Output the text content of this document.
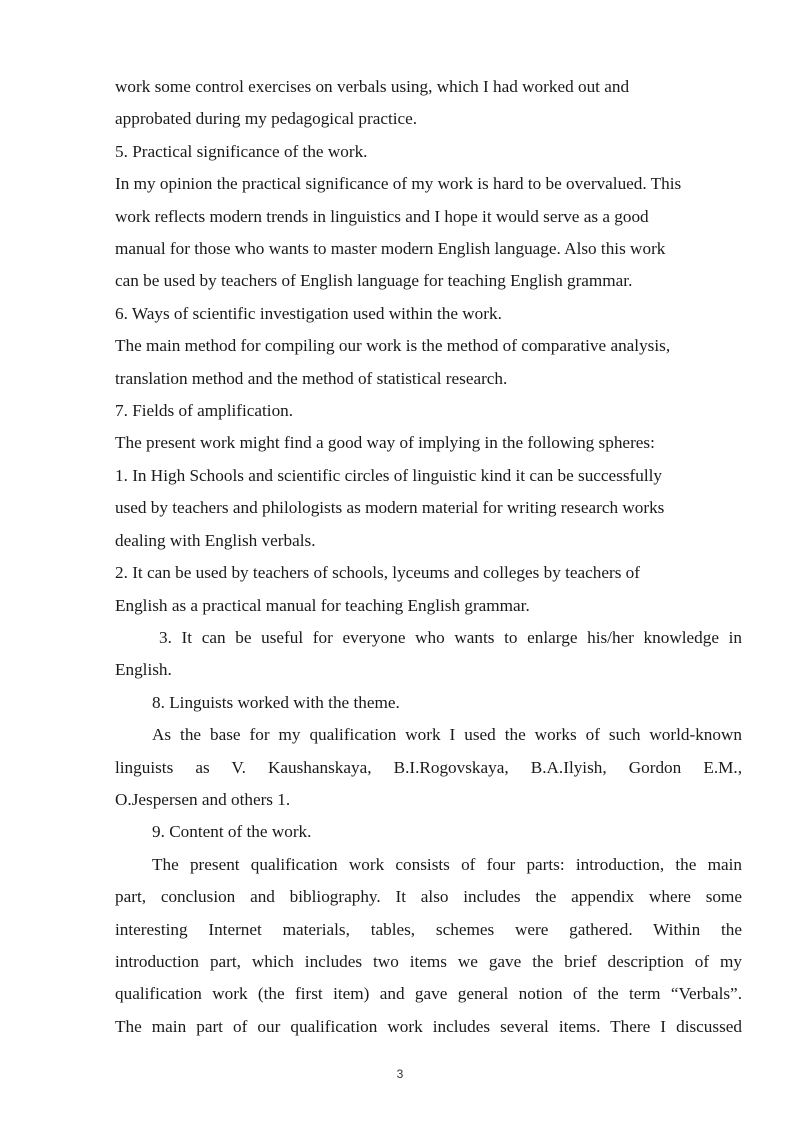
work some control exercises on verbals using, which I had worked out and

approbated during my pedagogical practice.

5. Practical significance of the work.

In my opinion the practical significance of my work is hard to be overvalued. This

work reflects modern trends in linguistics and I hope it would serve as a good

manual for those who wants to master modern English language. Also this work

can be used by teachers of English language for teaching English grammar.

6. Ways of scientific investigation used within the work.

The main method for compiling our work is the method of comparative analysis,

translation method and the method of statistical research.

7. Fields of amplification.

The present work might find a good way of implying in the following spheres:

1. In High Schools and scientific circles of linguistic kind it can be successfully

used by teachers and philologists as modern material for writing research works

dealing with English verbals.

2. It can be used by teachers of schools, lyceums and colleges by teachers of

English as a practical manual for teaching English grammar.

3. It can be useful for everyone who wants to enlarge his/her knowledge in

English.

8. Linguists worked with the theme.

As the base for my qualification work I used the works of such world-known

linguists as V. Kaushanskaya, B.I.Rogovskaya, B.A.Ilyish, Gordon E.M.,

O.Jespersen and others 1.

9. Content of the work.

The present qualification work consists of four parts: introduction, the main

part, conclusion and bibliography. It also includes the appendix where some

interesting Internet materials, tables, schemes were gathered. Within the

introduction part, which includes two items we gave the brief description of my

qualification work (the first item) and gave general notion of the term “Verbals”.

The main part of our qualification work includes several items. There I discussed

3
